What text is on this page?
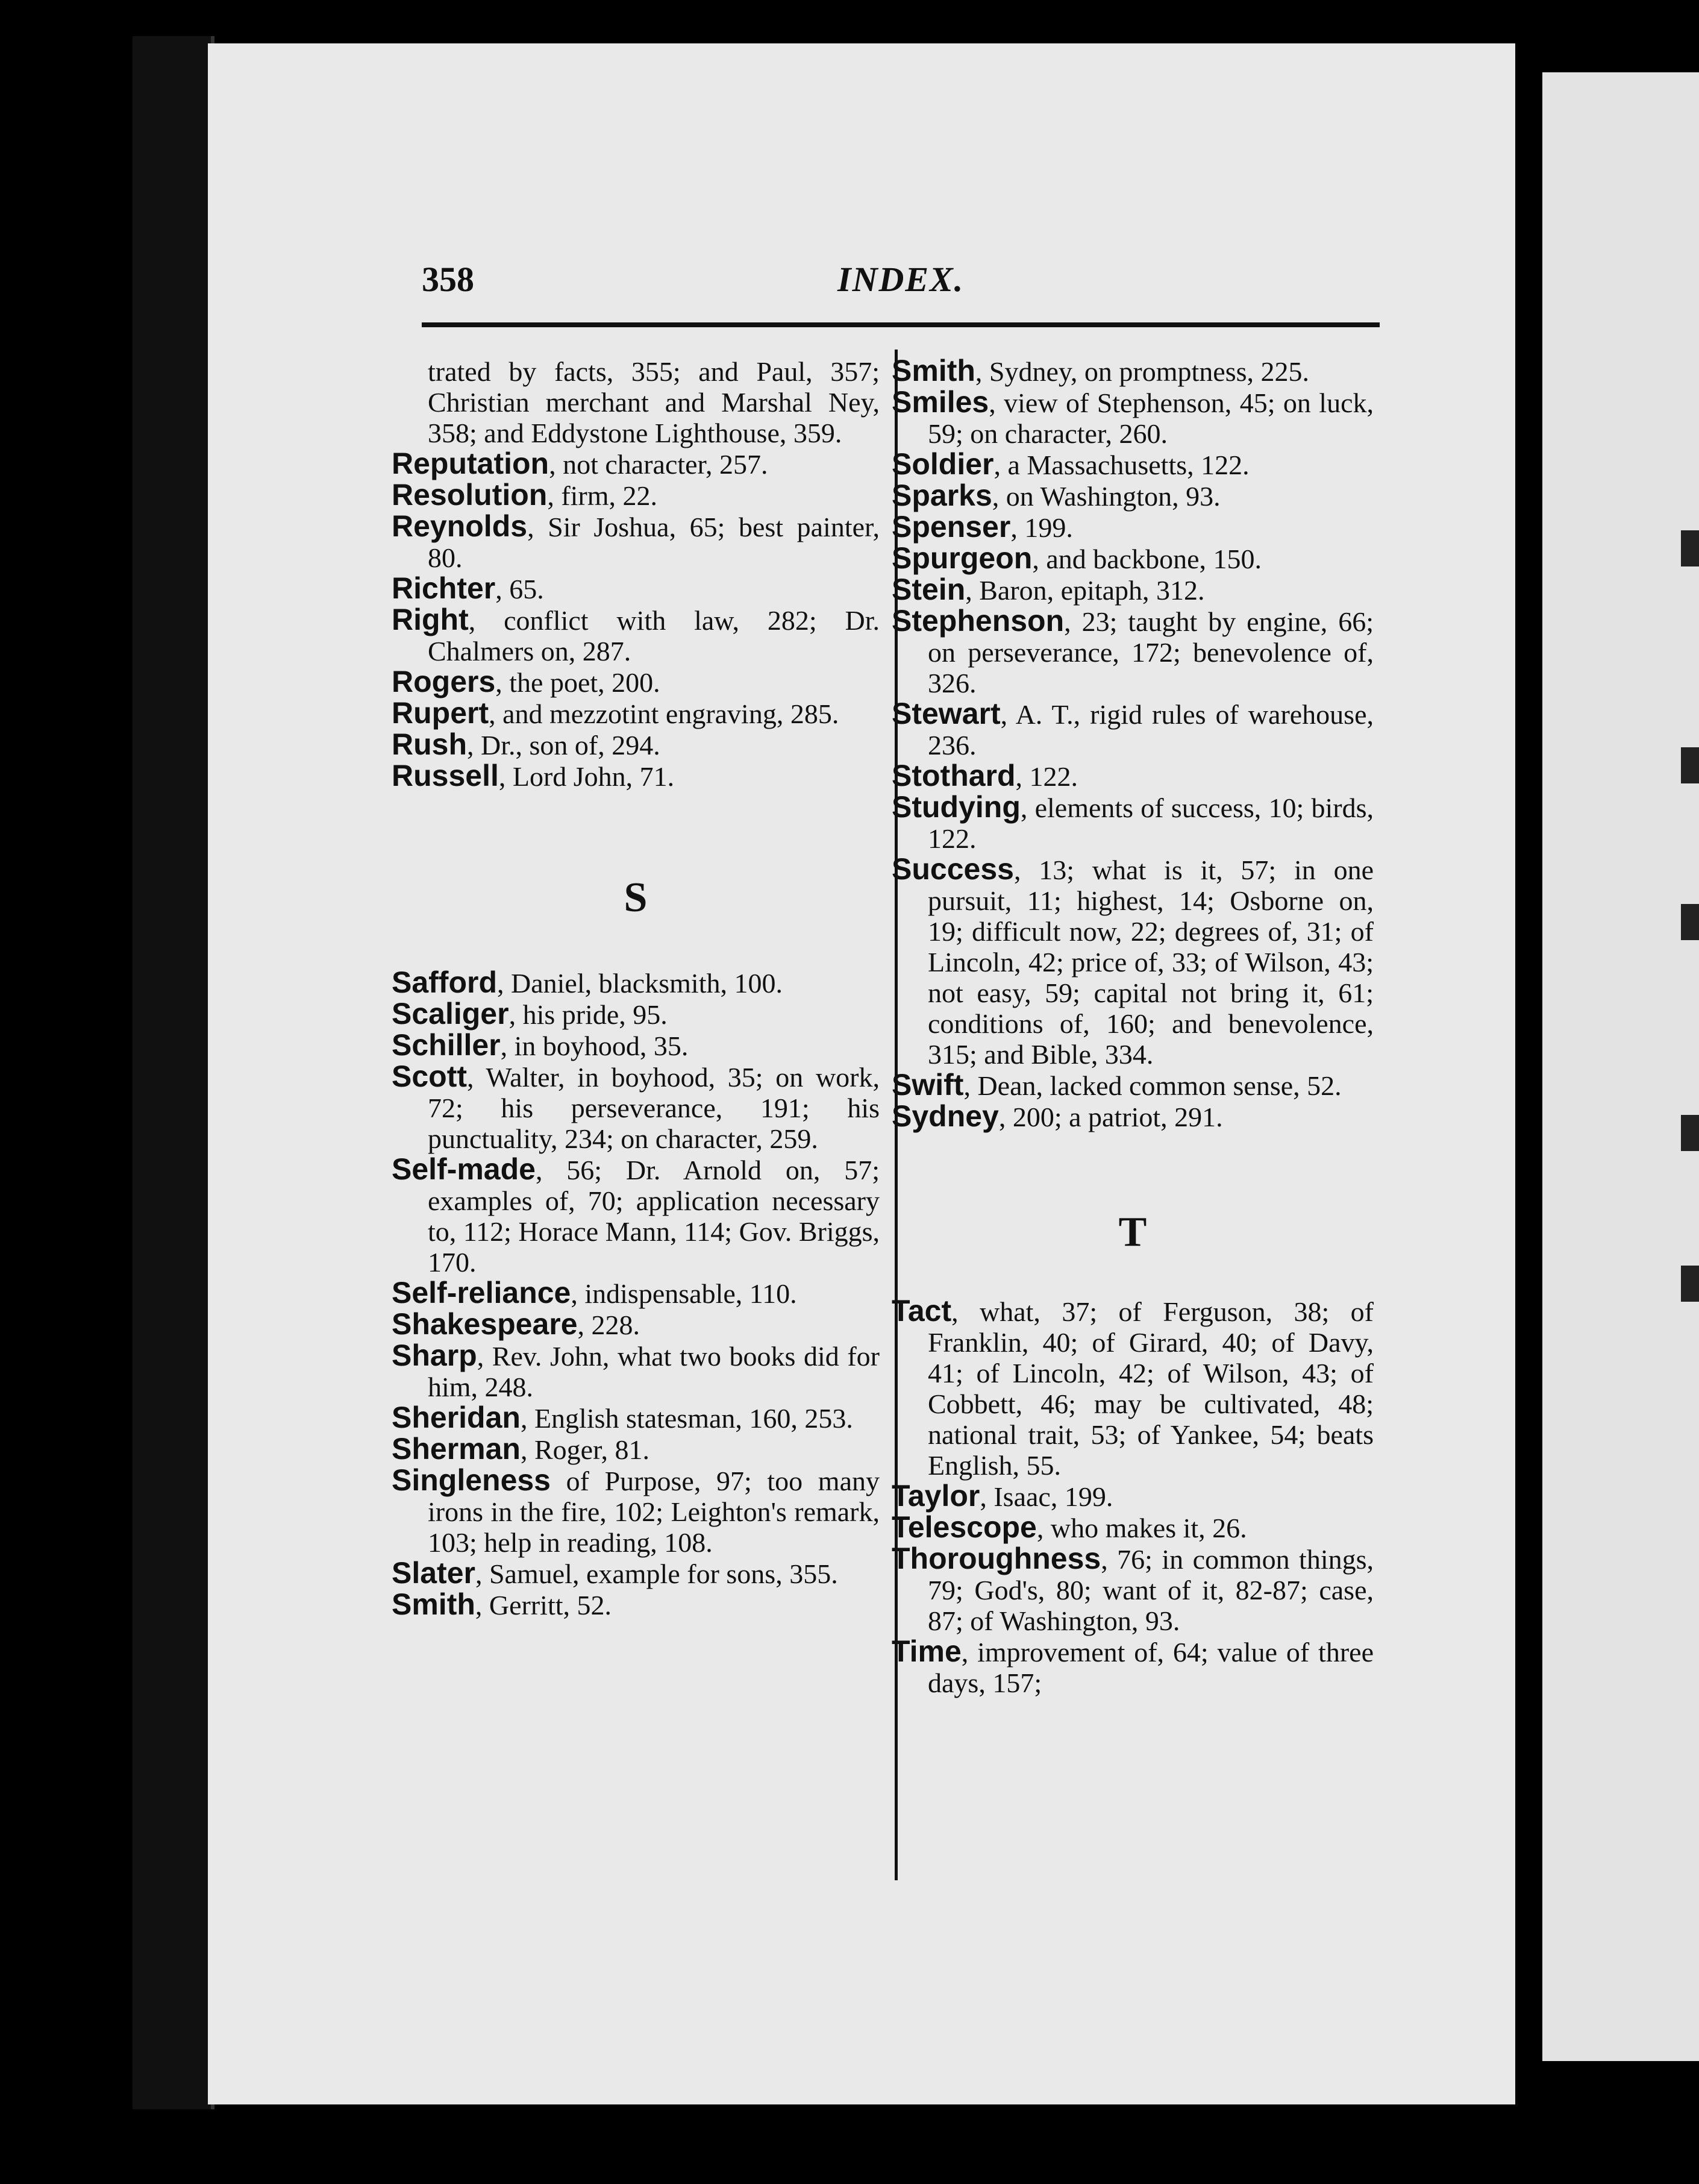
358	INDEX.

trated by facts, 355; and Paul, 357; Christian merchant and Marshal Ney, 358; and Eddystone Lighthouse, 359.

Reputation, not character, 257.

Resolution, firm, 22.

Reynolds, Sir Joshua, 65; best painter, 80.

Richter, 65.

Right, conflict with law, 282; Dr. Chalmers on, 287.

Rogers, the poet, 200.

Rupert, and mezzotint engraving, 285.

Rush, Dr., son of, 294.

Russell, Lord John, 71.

S

Safford, Daniel, blacksmith, 100.

Scaliger, his pride, 95.

Schiller, in boyhood, 35.

Scott, Walter, in boyhood, 35; on work, 72; his perseverance, 191; his punctuality, 234; on character, 259.

Self-made, 56; Dr. Arnold on, 57; examples of, 70; application necessary to, 112; Horace Mann, 114; Gov. Briggs, 170.

Self-reliance, indispensable, 110.

Shakespeare, 228.

Sharp, Rev. John, what two books did for him, 248.

Sheridan, English statesman, 160, 253.

Sherman, Roger, 81.

Singleness of Purpose, 97; too many irons in the fire, 102; Leighton's remark, 103; help in reading, 108.

Slater, Samuel, example for sons, 355.

Smith, Gerritt, 52.

Smith, Sydney, on promptness, 225.

Smiles, view of Stephenson, 45; on luck, 59; on character, 260.

Soldier, a Massachusetts, 122.

Sparks, on Washington, 93.

Spenser, 199.

Spurgeon, and backbone, 150.

Stein, Baron, epitaph, 312.

Stephenson, 23; taught by engine, 66; on perseverance, 172; benevolence of, 326.

Stewart, A. T., rigid rules of warehouse, 236.

Stothard, 122.

Studying, elements of success, 10; birds, 122.

Success, 13; what is it, 57; in one pursuit, 11; highest, 14; Osborne on, 19; difficult now, 22; degrees of, 31; of Lincoln, 42; price of, 33; of Wilson, 43; not easy, 59; capital not bring it, 61; conditions of, 160; and benevolence, 315; and Bible, 334.

Swift, Dean, lacked common sense, 52.

Sydney, 200; a patriot, 291.

T

Tact, what, 37; of Ferguson, 38; of Franklin, 40; of Girard, 40; of Davy, 41; of Lincoln, 42; of Wilson, 43; of Cobbett, 46; may be cultivated, 48; national trait, 53; of Yankee, 54; beats English, 55.

Taylor, Isaac, 199.

Telescope, who makes it, 26.

Thoroughness, 76; in common things, 79; God's, 80; want of it, 82-87; case, 87; of Washington, 93.

Time, improvement of, 64; value of three days, 157;
